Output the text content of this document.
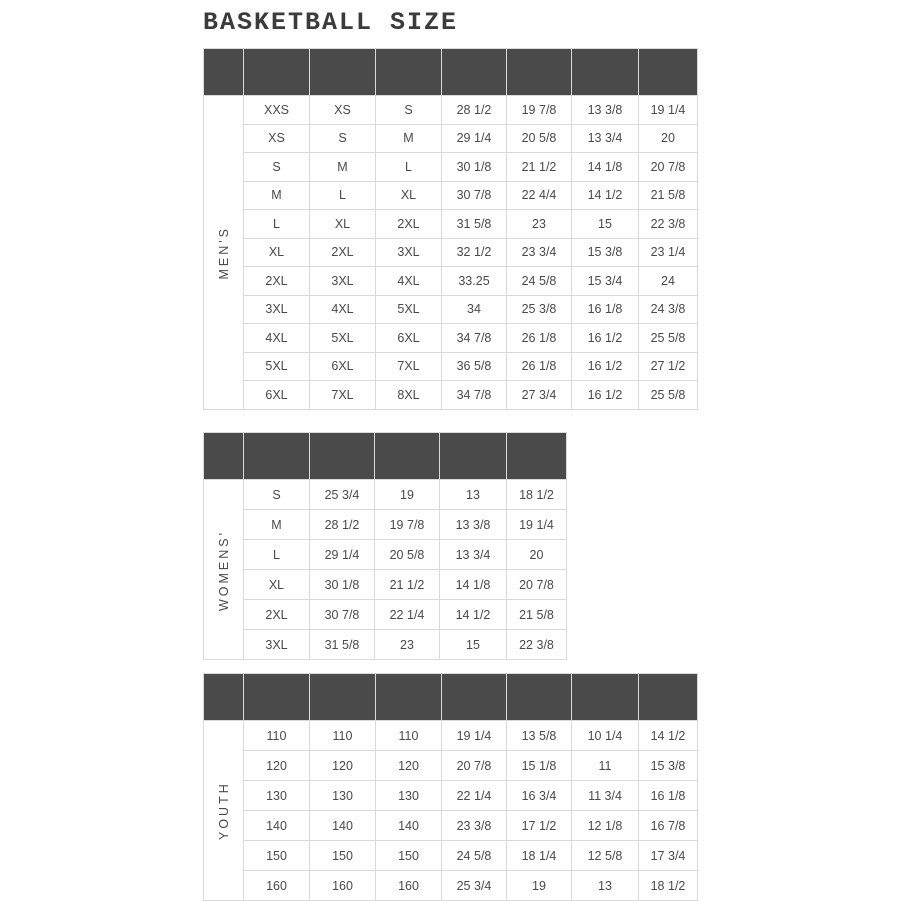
BASKETBALL SIZE
	USA	UE	ASIA	OUTSIDE SEAM
(IN.)	1/2 CHEST
(IN.)	SHOULDER BREADTH
(IN.)	PANTS LENGTH
(IN.)

MEN'S	XXS	XS	S	28 1/2	19 7/8	13 3/8	19 1/4
	XS	S	M	29 1/4	20 5/8	13 3/4	20
	S	M	L	30 1/8	21 1/2	14 1/8	20 7/8
	M	L	XL	30 7/8	22 4/4	14 1/2	21 5/8
	L	XL	2XL	31 5/8	23	15	22 3/8
	XL	2XL	3XL	32 1/2	23 3/4	15 3/8	23 1/4
	2XL	3XL	4XL	33.25	24 5/8	15 3/4	24
	3XL	4XL	5XL	34	25 3/8	16 1/8	24 3/8
	4XL	5XL	6XL	34 7/8	26 1/8	16 1/2	25 5/8
	5XL	6XL	7XL	36 5/8	26 1/8	16 1/2	27 1/2
	6XL	7XL	8XL	34 7/8	27 3/4	16 1/2	25 5/8
	USA	OUTSIDE SEAM
(IN.)	1/2 CHEST
(IN.)	SHOULDER BREADTH
(IN.)	PANTS LENGTH
(IN.)

WOMENS'	S	25 3/4	19	13	18 1/2
	M	28 1/2	19 7/8	13 3/8	19 1/4
	L	29 1/4	20 5/8	13 3/4	20
	XL	30 1/8	21 1/2	14 1/8	20 7/8
	2XL	30 7/8	22 1/4	14 1/2	21 5/8
	3XL	31 5/8	23	15	22 3/8
	USA	UE	ASIA	OUTSIDE SEAM
(IN.)	1/2 CHEST
(IN.)	SHOULDER BREADTH
(IN.)	PANTS LENGTH
(IN.)

YOUTH	110	110	110	19 1/4	13 5/8	10 1/4	14 1/2
	120	120	120	20 7/8	15 1/8	11	15 3/8
	130	130	130	22 1/4	16 3/4	11 3/4	16 1/8
	140	140	140	23 3/8	17 1/2	12 1/8	16 7/8
	150	150	150	24 5/8	18 1/4	12 5/8	17 3/4
	160	160	160	25 3/4	19	13	18 1/2
